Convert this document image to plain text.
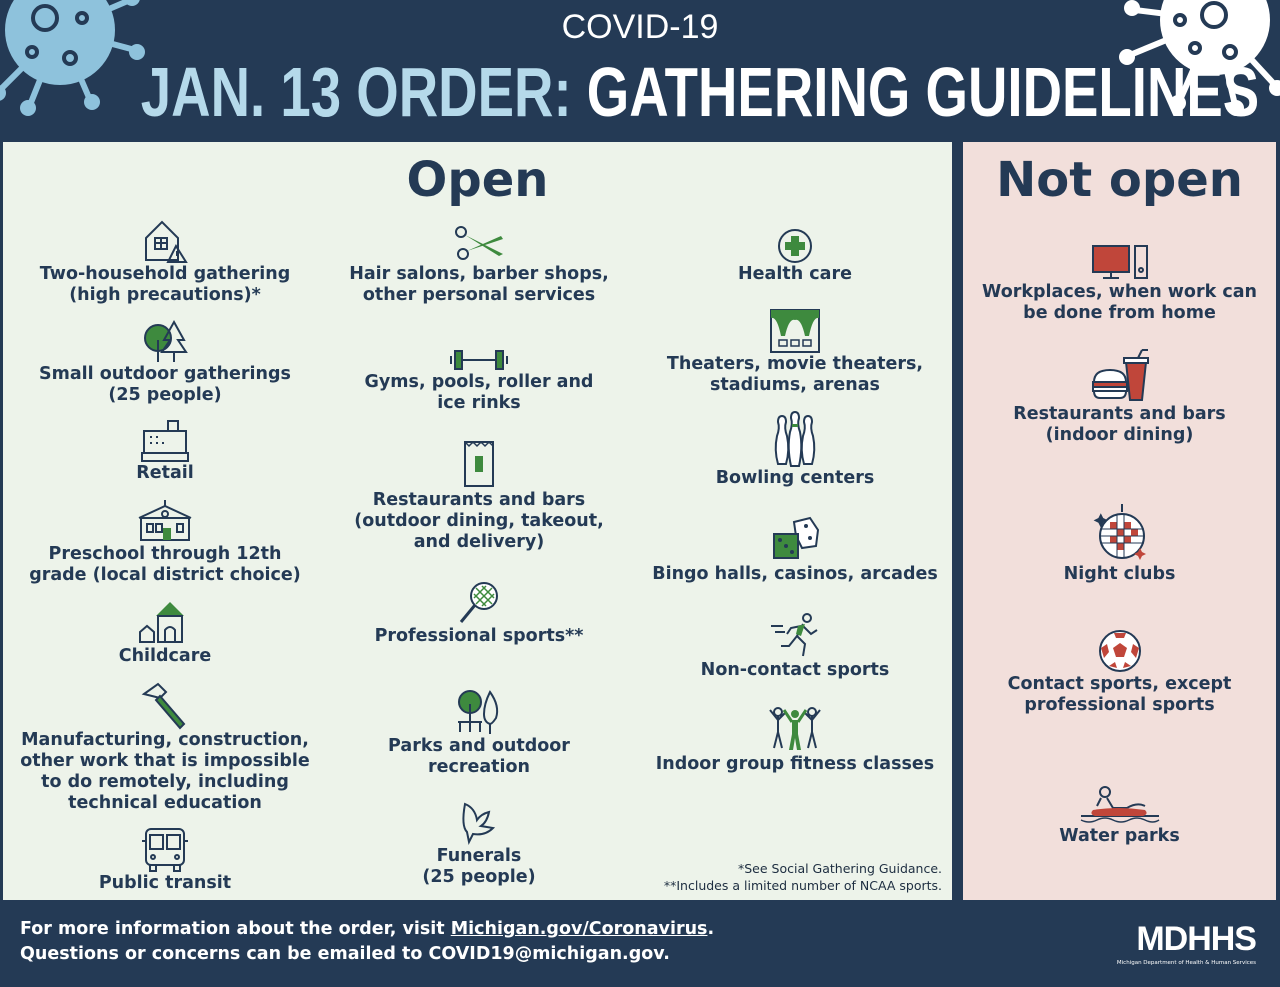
COVID-19
JAN. 13 ORDER: GATHERING GUIDELINES
Open
Two-household gathering
(high precautions)*
Small outdoor gatherings
(25 people)
Retail
Preschool through 12th
grade (local district choice)
Childcare
Manufacturing, construction,
other work that is impossible
to do remotely, including
technical education
Public transit
Hair salons, barber shops,
other personal services
Gyms, pools, roller and
ice rinks
Restaurants and bars
(outdoor dining, takeout,
and delivery)
Professional sports**
Parks and outdoor
recreation
Funerals
(25 people)
Health care
Theaters, movie theaters,
stadiums, arenas
Bowling centers
Bingo halls, casinos, arcades
Non-contact sports
Indoor group fitness classes
*See Social Gathering Guidance.
**Includes a limited number of NCAA sports.
Not open
Workplaces, when work can
be done from home
Restaurants and bars
(indoor dining)
Night clubs
Contact sports, except
professional sports
Water parks
For more information about the order, visit Michigan.gov/Coronavirus.
Questions or concerns can be emailed to COVID19@michigan.gov.	MDHHS
Michigan Department of Health & Human Services
